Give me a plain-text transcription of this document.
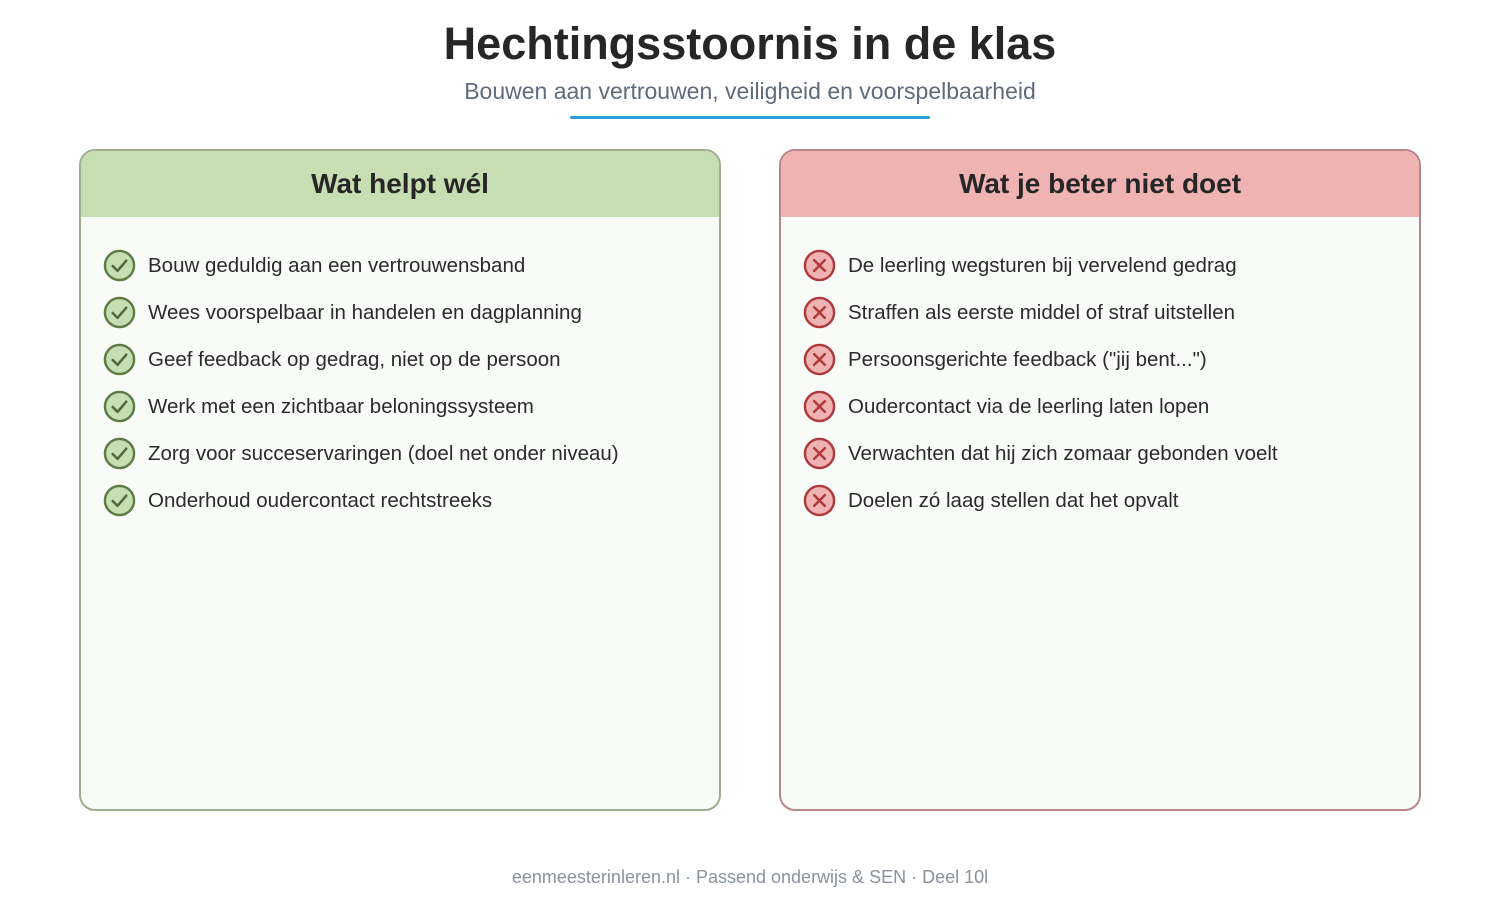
Hechtingsstoornis in de klas
Bouwen aan vertrouwen, veiligheid en voorspelbaarheid
Wat helpt wél
Bouw geduldig aan een vertrouwensband
Wees voorspelbaar in handelen en dagplanning
Geef feedback op gedrag, niet op de persoon
Werk met een zichtbaar beloningssysteem
Zorg voor succeservaringen (doel net onder niveau)
Onderhoud oudercontact rechtstreeks
Wat je beter niet doet
De leerling wegsturen bij vervelend gedrag
Straffen als eerste middel of straf uitstellen
Persoonsgerichte feedback ("jij bent...")
Oudercontact via de leerling laten lopen
Verwachten dat hij zich zomaar gebonden voelt
Doelen zó laag stellen dat het opvalt
eenmeesterinleren.nl · Passend onderwijs & SEN · Deel 10l
